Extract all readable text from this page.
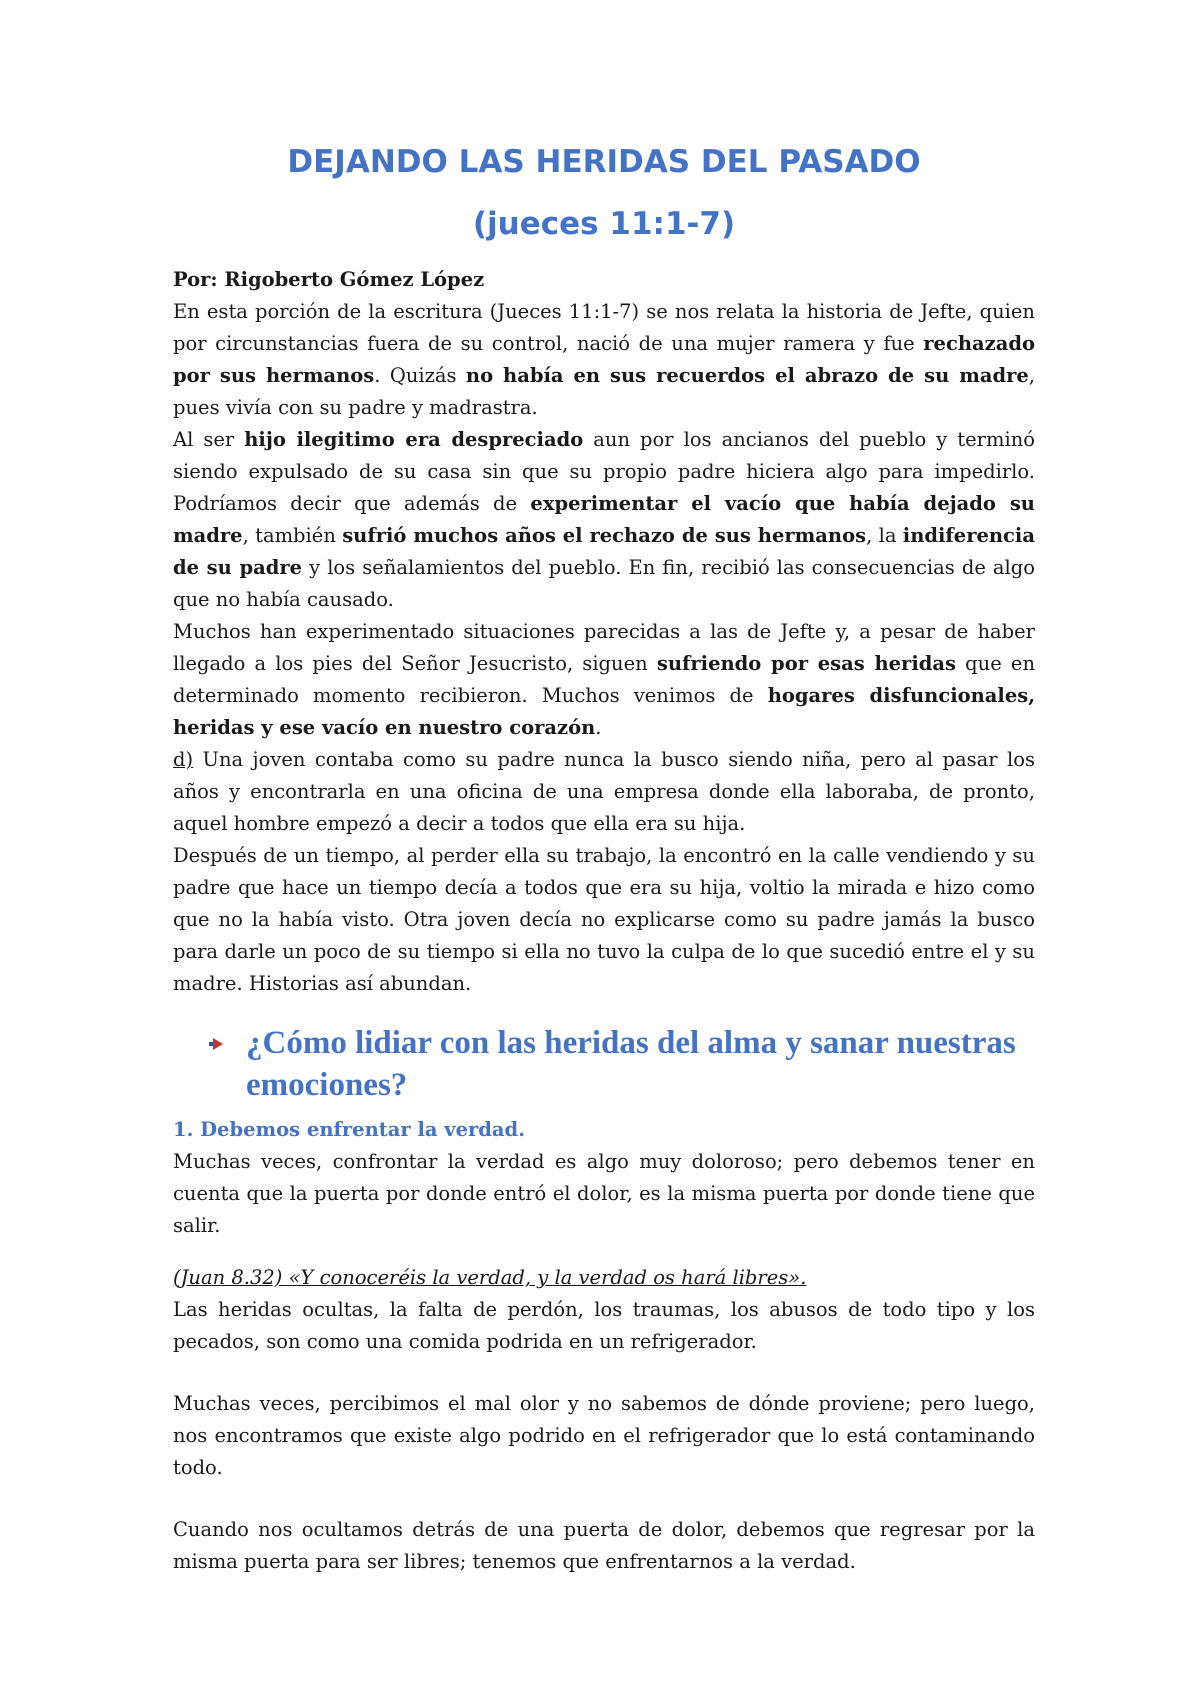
DEJANDO LAS HERIDAS DEL PASADO
(jueces 11:1-7)

Por: Rigoberto Gómez López

En esta porción de la escritura (Jueces 11:1-7) se nos relata la historia de Jefte, quien por circunstancias fuera de su control, nació de una mujer ramera y fue rechazado por sus hermanos. Quizás no había en sus recuerdos el abrazo de su madre, pues vivía con su padre y madrastra.

Al ser hijo ilegitimo era despreciado aun por los ancianos del pueblo y terminó siendo expulsado de su casa sin que su propio padre hiciera algo para impedirlo. Podríamos decir que además de experimentar el vacío que había dejado su madre, también sufrió muchos años el rechazo de sus hermanos, la indiferencia de su padre y los señalamientos del pueblo. En fin, recibió las consecuencias de algo que no había causado.

Muchos han experimentado situaciones parecidas a las de Jefte y, a pesar de haber llegado a los pies del Señor Jesucristo, siguen sufriendo por esas heridas que en determinado momento recibieron. Muchos venimos de hogares disfuncionales, heridas y ese vacío en nuestro corazón.

d) Una joven contaba como su padre nunca la busco siendo niña, pero al pasar los años y encontrarla en una oficina de una empresa donde ella laboraba, de pronto, aquel hombre empezó a decir a todos que ella era su hija.

Después de un tiempo, al perder ella su trabajo, la encontró en la calle vendiendo y su padre que hace un tiempo decía a todos que era su hija, voltio la mirada e hizo como que no la había visto. Otra joven decía no explicarse como su padre jamás la busco para darle un poco de su tiempo si ella no tuvo la culpa de lo que sucedió entre el y su madre. Historias así abundan.

¿Cómo lidiar con las heridas del alma y sanar nuestras emociones?

1. Debemos enfrentar la verdad.

Muchas veces, confrontar la verdad es algo muy doloroso; pero debemos tener en cuenta que la puerta por donde entró el dolor, es la misma puerta por donde tiene que salir.

(Juan 8.32) «Y conoceréis la verdad, y la verdad os hará libres».

Las heridas ocultas, la falta de perdón, los traumas, los abusos de todo tipo y los pecados, son como una comida podrida en un refrigerador.

Muchas veces, percibimos el mal olor y no sabemos de dónde proviene; pero luego, nos encontramos que existe algo podrido en el refrigerador que lo está contaminando todo.

Cuando nos ocultamos detrás de una puerta de dolor, debemos que regresar por la misma puerta para ser libres; tenemos que enfrentarnos a la verdad.
